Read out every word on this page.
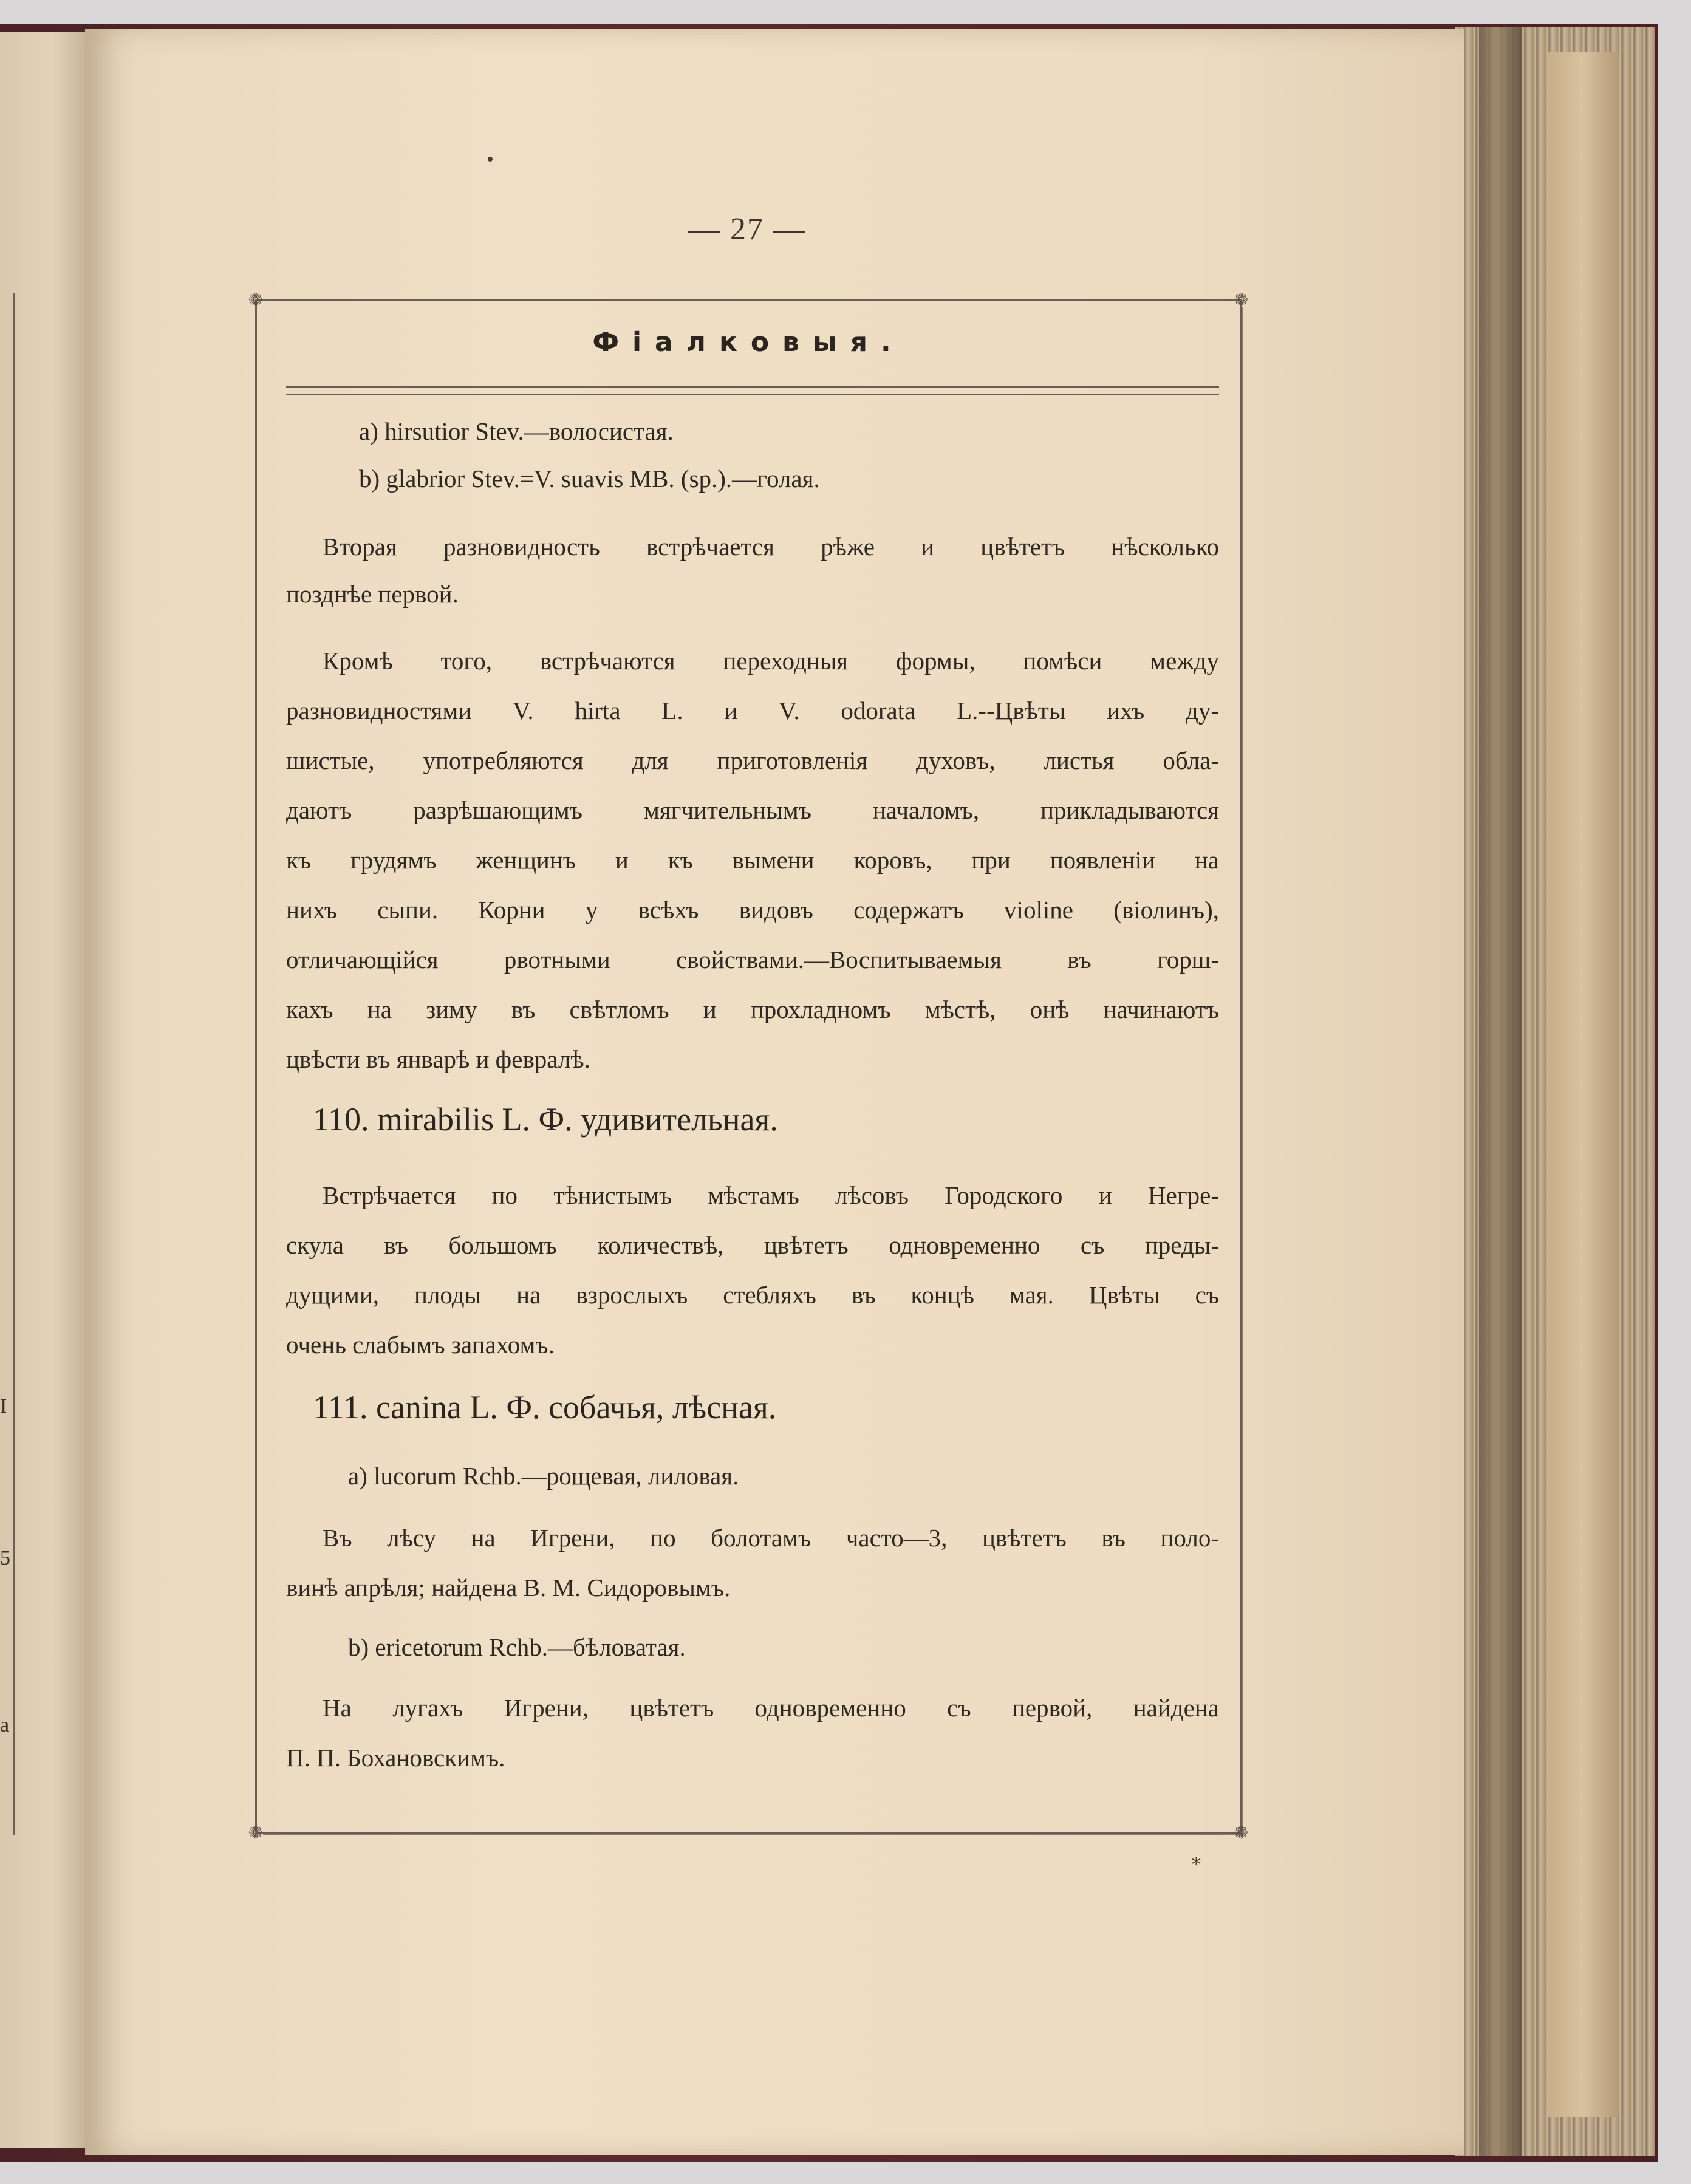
I
5
a
— 27 —
❁	❁
❁	❁
Фіалковыя.
a) hirsutior Stev.—волосистая.
b) glabrior Stev.=V. suavis MB. (sp.).—голая.
Вторая разновидность встрѣчается рѣже и цвѣтетъ нѣсколько
позднѣе первой.
Кромѣ того, встрѣчаются переходныя формы, помѣси между
разновидностями V. hirta L. и V. odorata L.--Цвѣты ихъ ду-
шистые, употребляются для приготовленія духовъ, листья обла-
даютъ разрѣшающимъ мягчительнымъ началомъ, прикладываются
къ грудямъ женщинъ и къ вымени коровъ, при появленіи на
нихъ сыпи. Корни у всѣхъ видовъ содержатъ violine (віолинъ),
отличающійся рвотными свойствами.—Воспитываемыя въ горш-
кахъ на зиму въ свѣтломъ и прохладномъ мѣстѣ, онѣ начинаютъ
цвѣсти въ январѣ и февралѣ.
110. mirabilis L. Ф. удивительная.
Встрѣчается по тѣнистымъ мѣстамъ лѣсовъ Городского и Негре-
скула въ большомъ количествѣ, цвѣтетъ одновременно съ преды-
дущими, плоды на взрослыхъ стебляхъ въ концѣ мая. Цвѣты съ
очень слабымъ запахомъ.
111. canina L. Ф. собачья, лѣсная.
a) lucorum Rchb.—рощевая, лиловая.
Въ лѣсу на Игрени, по болотамъ часто—3, цвѣтетъ въ поло-
винѣ апрѣля; найдена В. М. Сидоровымъ.
b) ericetorum Rchb.—бѣловатая.
На лугахъ Игрени, цвѣтетъ одновременно съ первой, найдена
П. П. Бохановскимъ.
*
